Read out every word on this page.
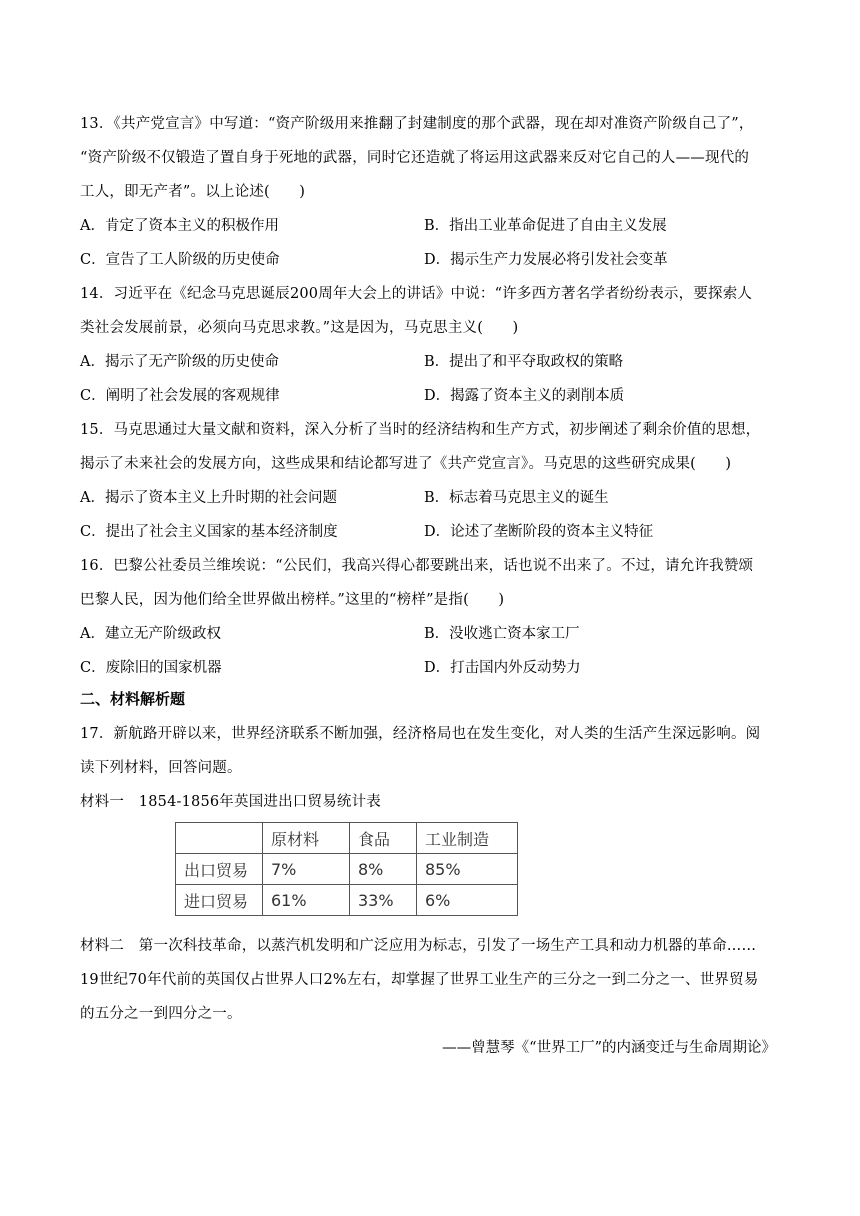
13．《共产党宣言》中写道：“资产阶级用来推翻了封建制度的那个武器，现在却对准资产阶级自己了”，
“资产阶级不仅锻造了置自身于死地的武器，同时它还造就了将运用这武器来反对它自己的人——现代的
工人，即无产者”。以上论述(　　)
A．肯定了资本主义的积极作用	B．指出工业革命促进了自由主义发展
C．宣告了工人阶级的历史使命	D．揭示生产力发展必将引发社会变革
14．习近平在《纪念马克思诞辰200周年大会上的讲话》中说：“许多西方著名学者纷纷表示，要探索人
类社会发展前景，必须向马克思求教。”这是因为，马克思主义(　　)
A．揭示了无产阶级的历史使命	B．提出了和平夺取政权的策略
C．阐明了社会发展的客观规律	D．揭露了资本主义的剥削本质
15．马克思通过大量文献和资料，深入分析了当时的经济结构和生产方式，初步阐述了剩余价值的思想，
揭示了未来社会的发展方向，这些成果和结论都写进了《共产党宣言》。马克思的这些研究成果(　　)
A．揭示了资本主义上升时期的社会问题	B．标志着马克思主义的诞生
C．提出了社会主义国家的基本经济制度	D．论述了垄断阶段的资本主义特征
16．巴黎公社委员兰维埃说：“公民们，我高兴得心都要跳出来，话也说不出来了。不过，请允许我赞颂
巴黎人民，因为他们给全世界做出榜样。”这里的“榜样”是指(　　)
A．建立无产阶级政权	B．没收逃亡资本家工厂
C．废除旧的国家机器	D．打击国内外反动势力
二、材料解析题
17．新航路开辟以来，世界经济联系不断加强，经济格局也在发生变化，对人类的生活产生深远影响。阅
读下列材料，回答问题。
材料一　1854-1856年英国进出口贸易统计表
	原材料	食品	工业制造
出口贸易	7%	8%	85%
进口贸易	61%	33%	6%
材料二　第一次科技革命，以蒸汽机发明和广泛应用为标志，引发了一场生产工具和动力机器的革命……
19世纪70年代前的英国仅占世界人口2%左右，却掌握了世界工业生产的三分之一到二分之一、世界贸易
的五分之一到四分之一。
——曾慧琴《“世界工厂”的内涵变迁与生命周期论》
